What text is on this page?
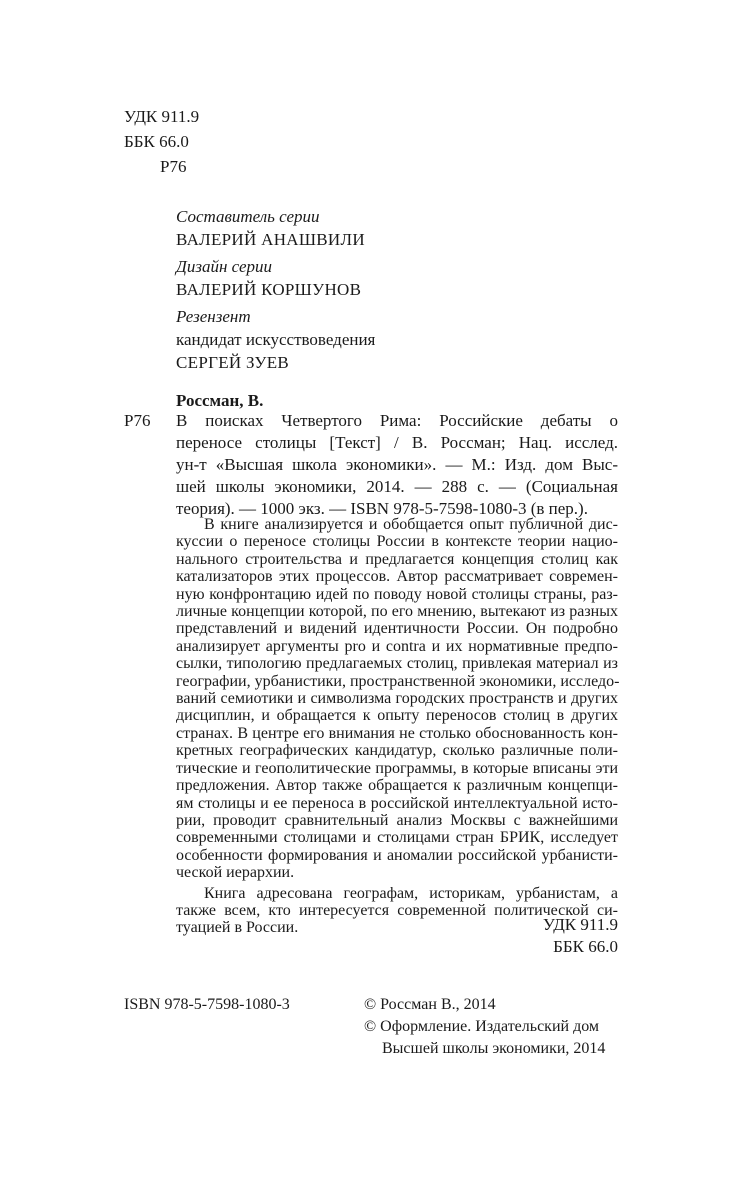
УДК 911.9
ББК 66.0
Р76
Составитель серии
ВАЛЕРИЙ АНАШВИЛИ
Дизайн серии
ВАЛЕРИЙ КОРШУНОВ
Резензент
кандидат искусствоведения
СЕРГЕЙ ЗУЕВ
Россман, В.
Р76 В поисках Четвертого Рима: Российские дебаты о
переносе столицы [Текст] / В. Россман; Нац. исслед.
ун-т «Высшая школа экономики». — М.: Изд. дом Выс-
шей школы экономики, 2014. — 288 с. — (Социальная
теория). — 1000 экз. — ISBN 978-5-7598-1080-3 (в пер.).
В книге анализируется и обобщается опыт публичной дис-
куссии о переносе столицы России в контексте теории нацио-
нального строительства и предлагается концепция столиц как
катализаторов этих процессов. Автор рассматривает современ-
ную конфронтацию идей по поводу новой столицы страны, раз-
личные концепции которой, по его мнению, вытекают из разных
представлений и видений идентичности России. Он подробно
анализирует аргументы pro и contra и их нормативные предпо-
сылки, типологию предлагаемых столиц, привлекая материал из
географии, урбанистики, пространственной экономики, исследо-
ваний семиотики и символизма городских пространств и других
дисциплин, и обращается к опыту переносов столиц в других
странах. В центре его внимания не столько обоснованность кон-
кретных географических кандидатур, сколько различные поли-
тические и геополитические программы, в которые вписаны эти
предложения. Автор также обращается к различным концепци-
ям столицы и ее переноса в российской интеллектуальной исто-
рии, проводит сравнительный анализ Москвы с важнейшими
современными столицами и столицами стран БРИК, исследует
особенности формирования и аномалии российской урбанисти-
ческой иерархии.
Книга адресована географам, историкам, урбанистам, а
также всем, кто интересуется современной политической си-
туацией в России.	УДК 911.9
ББК 66.0
ISBN 978-5-7598-1080-3	© Россман В., 2014
© Оформление. Издательский дом
Высшей школы экономики, 2014
